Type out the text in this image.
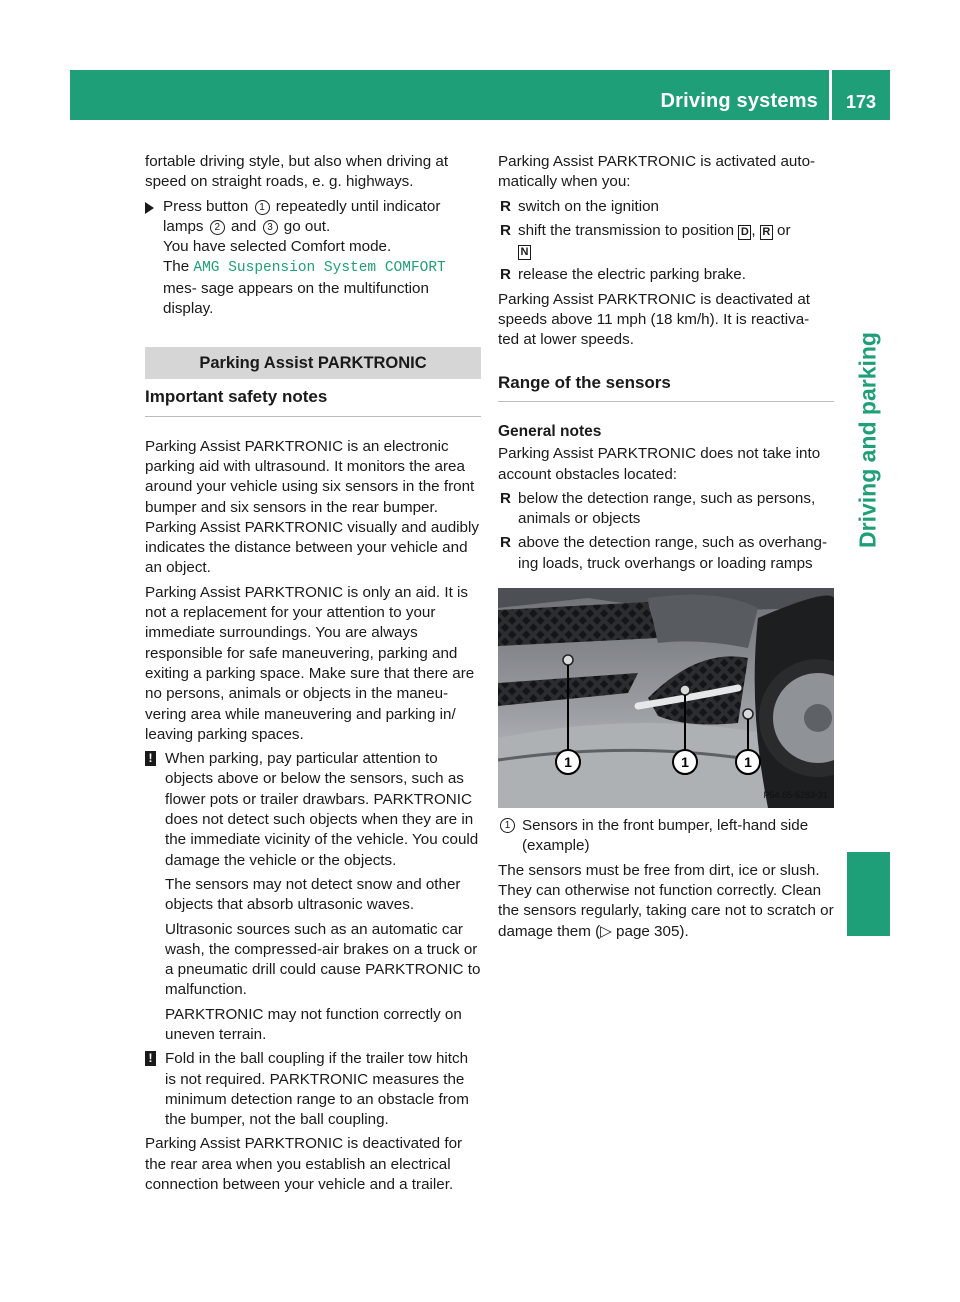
Driving systems 173
Driving and parking

fortable driving style, but also when driving at speed on straight roads, e. g. highways.

Press button 1 repeatedly until indicator lamps 2 and 3 go out.
You have selected Comfort mode.
The AMG Suspension System COMFORT mes- sage appears on the multifunction display.
Parking Assist PARKTRONIC
Important safety notes

Parking Assist PARKTRONIC is an electronic parking aid with ultrasound. It monitors the area around your vehicle using six sensors in the front bumper and six sensors in the rear bumper. Parking Assist PARKTRONIC visually and audibly indicates the distance between your vehicle and an object.

Parking Assist PARKTRONIC is only an aid. It is not a replacement for your attention to your immediate surroundings. You are always responsible for safe maneuvering, parking and exiting a parking space. Make sure that there are no persons, animals or objects in the maneu- vering area while maneuvering and parking in/ leaving parking spaces.

! When parking, pay particular attention to objects above or below the sensors, such as flower pots or trailer drawbars. PARKTRONIC does not detect such objects when they are in the immediate vicinity of the vehicle. You could damage the vehicle or the objects.

The sensors may not detect snow and other objects that absorb ultrasonic waves.

Ultrasonic sources such as an automatic car wash, the compressed-air brakes on a truck or a pneumatic drill could cause PARKTRONIC to malfunction.

PARKTRONIC may not function correctly on uneven terrain.

! Fold in the ball coupling if the trailer tow hitch is not required. PARKTRONIC measures the minimum detection range to an obstacle from the bumper, not the ball coupling.

Parking Assist PARKTRONIC is deactivated for the rear area when you establish an electrical connection between your vehicle and a trailer.

Parking Assist PARKTRONIC is activated auto- matically when you:

R switch on the ignition
R shift the transmission to position D , R or
N
R release the electric parking brake.

Parking Assist PARKTRONIC is deactivated at speeds above 11 mph (18 km/h). It is reactiva- ted at lower speeds.

Range of the sensors
General notes

Parking Assist PARKTRONIC does not take into account obstacles located:

R below the detection range, such as persons, animals or objects
R above the detection range, such as overhang- ing loads, truck overhangs or loading ramps
1	1	1
P54.65-5283-31
1 Sensors in the front bumper, left-hand side (example)

The sensors must be free from dirt, ice or slush. They can otherwise not function correctly. Clean the sensors regularly, taking care not to scratch or damage them (▷ page 305).
